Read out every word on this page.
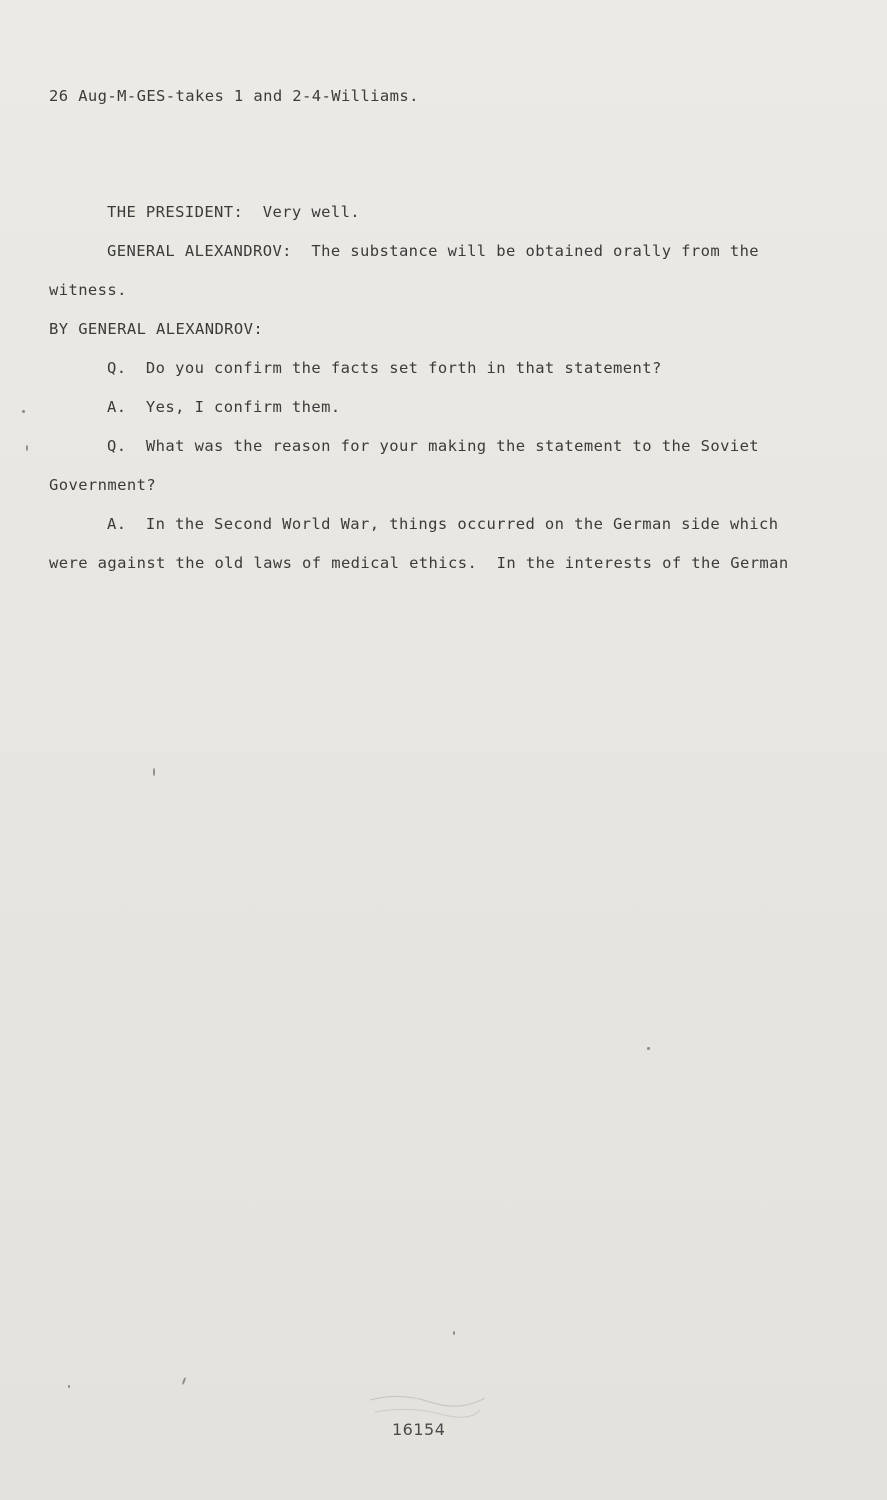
26 Aug-M-GES-takes 1 and 2-4-Williams.
THE PRESIDENT:  Very well.
GENERAL ALEXANDROV:  The substance will be obtained orally from the
witness.
BY GENERAL ALEXANDROV:
Q.  Do you confirm the facts set forth in that statement?
A.  Yes, I confirm them.
Q.  What was the reason for your making the statement to the Soviet
Government?
A.  In the Second World War, things occurred on the German side which
were against the old laws of medical ethics.  In the interests of the German
16154
